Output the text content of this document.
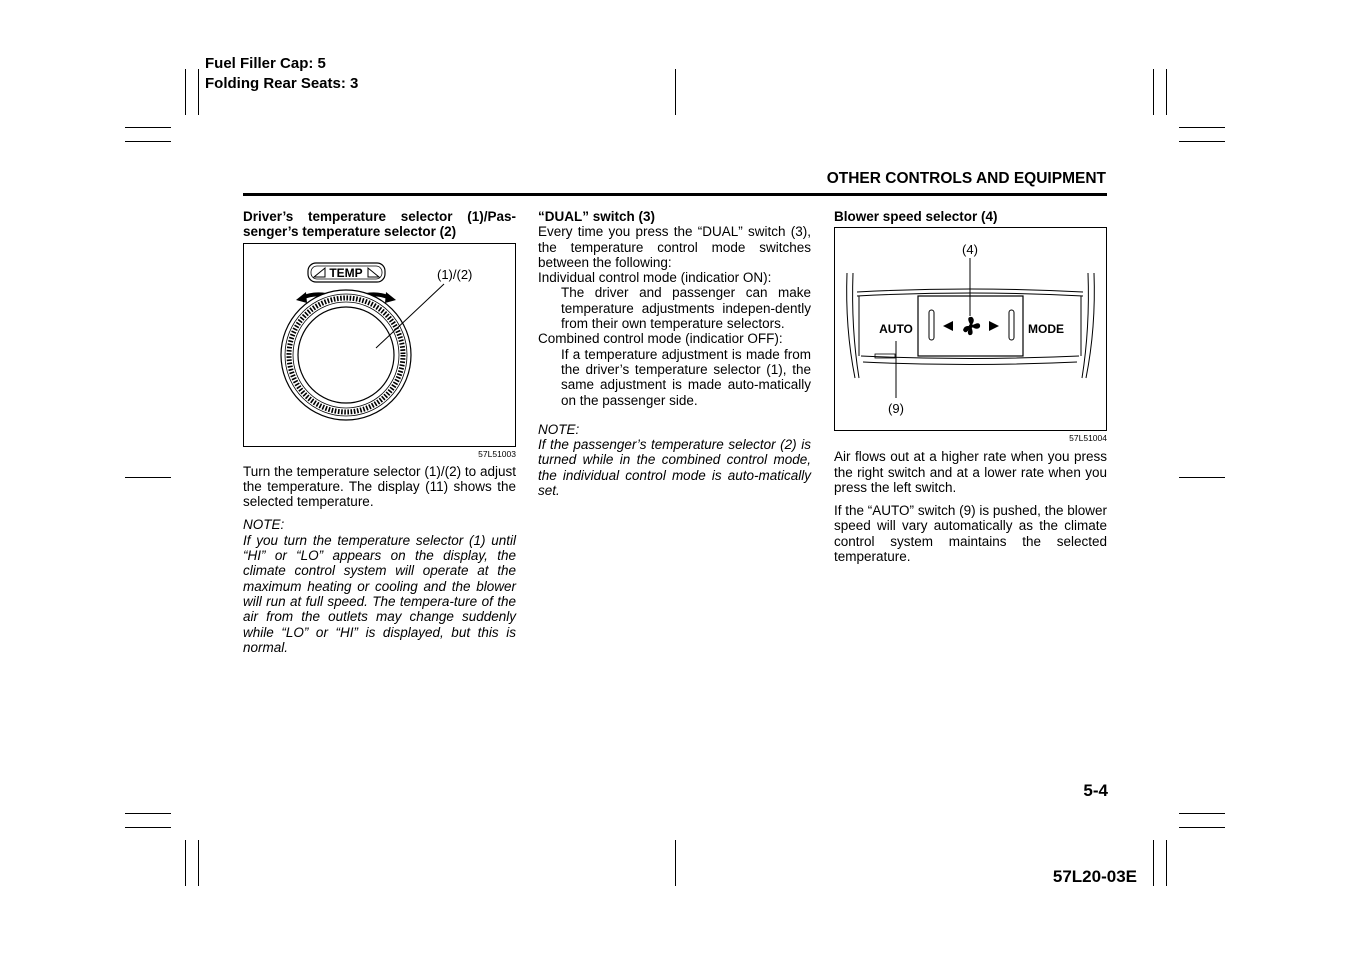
Fuel Filler Cap: 5
Folding Rear Seats: 3
OTHER CONTROLS AND EQUIPMENT

Driver’s temperature selector (1)/Pas-senger’s temperature selector (2)

TEMP	(1)/(2)
57L51003

Turn the temperature selector (1)/(2) to adjust the temperature. The display (11) shows the selected temperature.

NOTE:

If you turn the temperature selector (1) until “HI” or “LO” appears on the display, the climate control system will operate at the maximum heating or cooling and the blower will run at full speed. The tempera-ture of the air from the outlets may change suddenly while “LO” or “HI” is displayed, but this is normal.

“DUAL” switch (3)

Every time you press the “DUAL” switch (3), the temperature control mode switches between the following:

Individual control mode (indicatior ON):

The driver and passenger can make temperature adjustments indepen-dently from their own temperature selectors.

Combined control mode (indicatior OFF):

If a temperature adjustment is made from the driver’s temperature selector (1), the same adjustment is made auto-matically on the passenger side.

NOTE:

If the passenger’s temperature selector (2) is turned while in the combined control mode, the individual control mode is auto-matically set.

Blower speed selector (4)

AUTO	MODE
(4)
(9)
57L51004

Air flows out at a higher rate when you press the right switch and at a lower rate when you press the left switch.

If the “AUTO” switch (9) is pushed, the blower speed will vary automatically as the climate control system maintains the selected temperature.

5-4
57L20-03E
